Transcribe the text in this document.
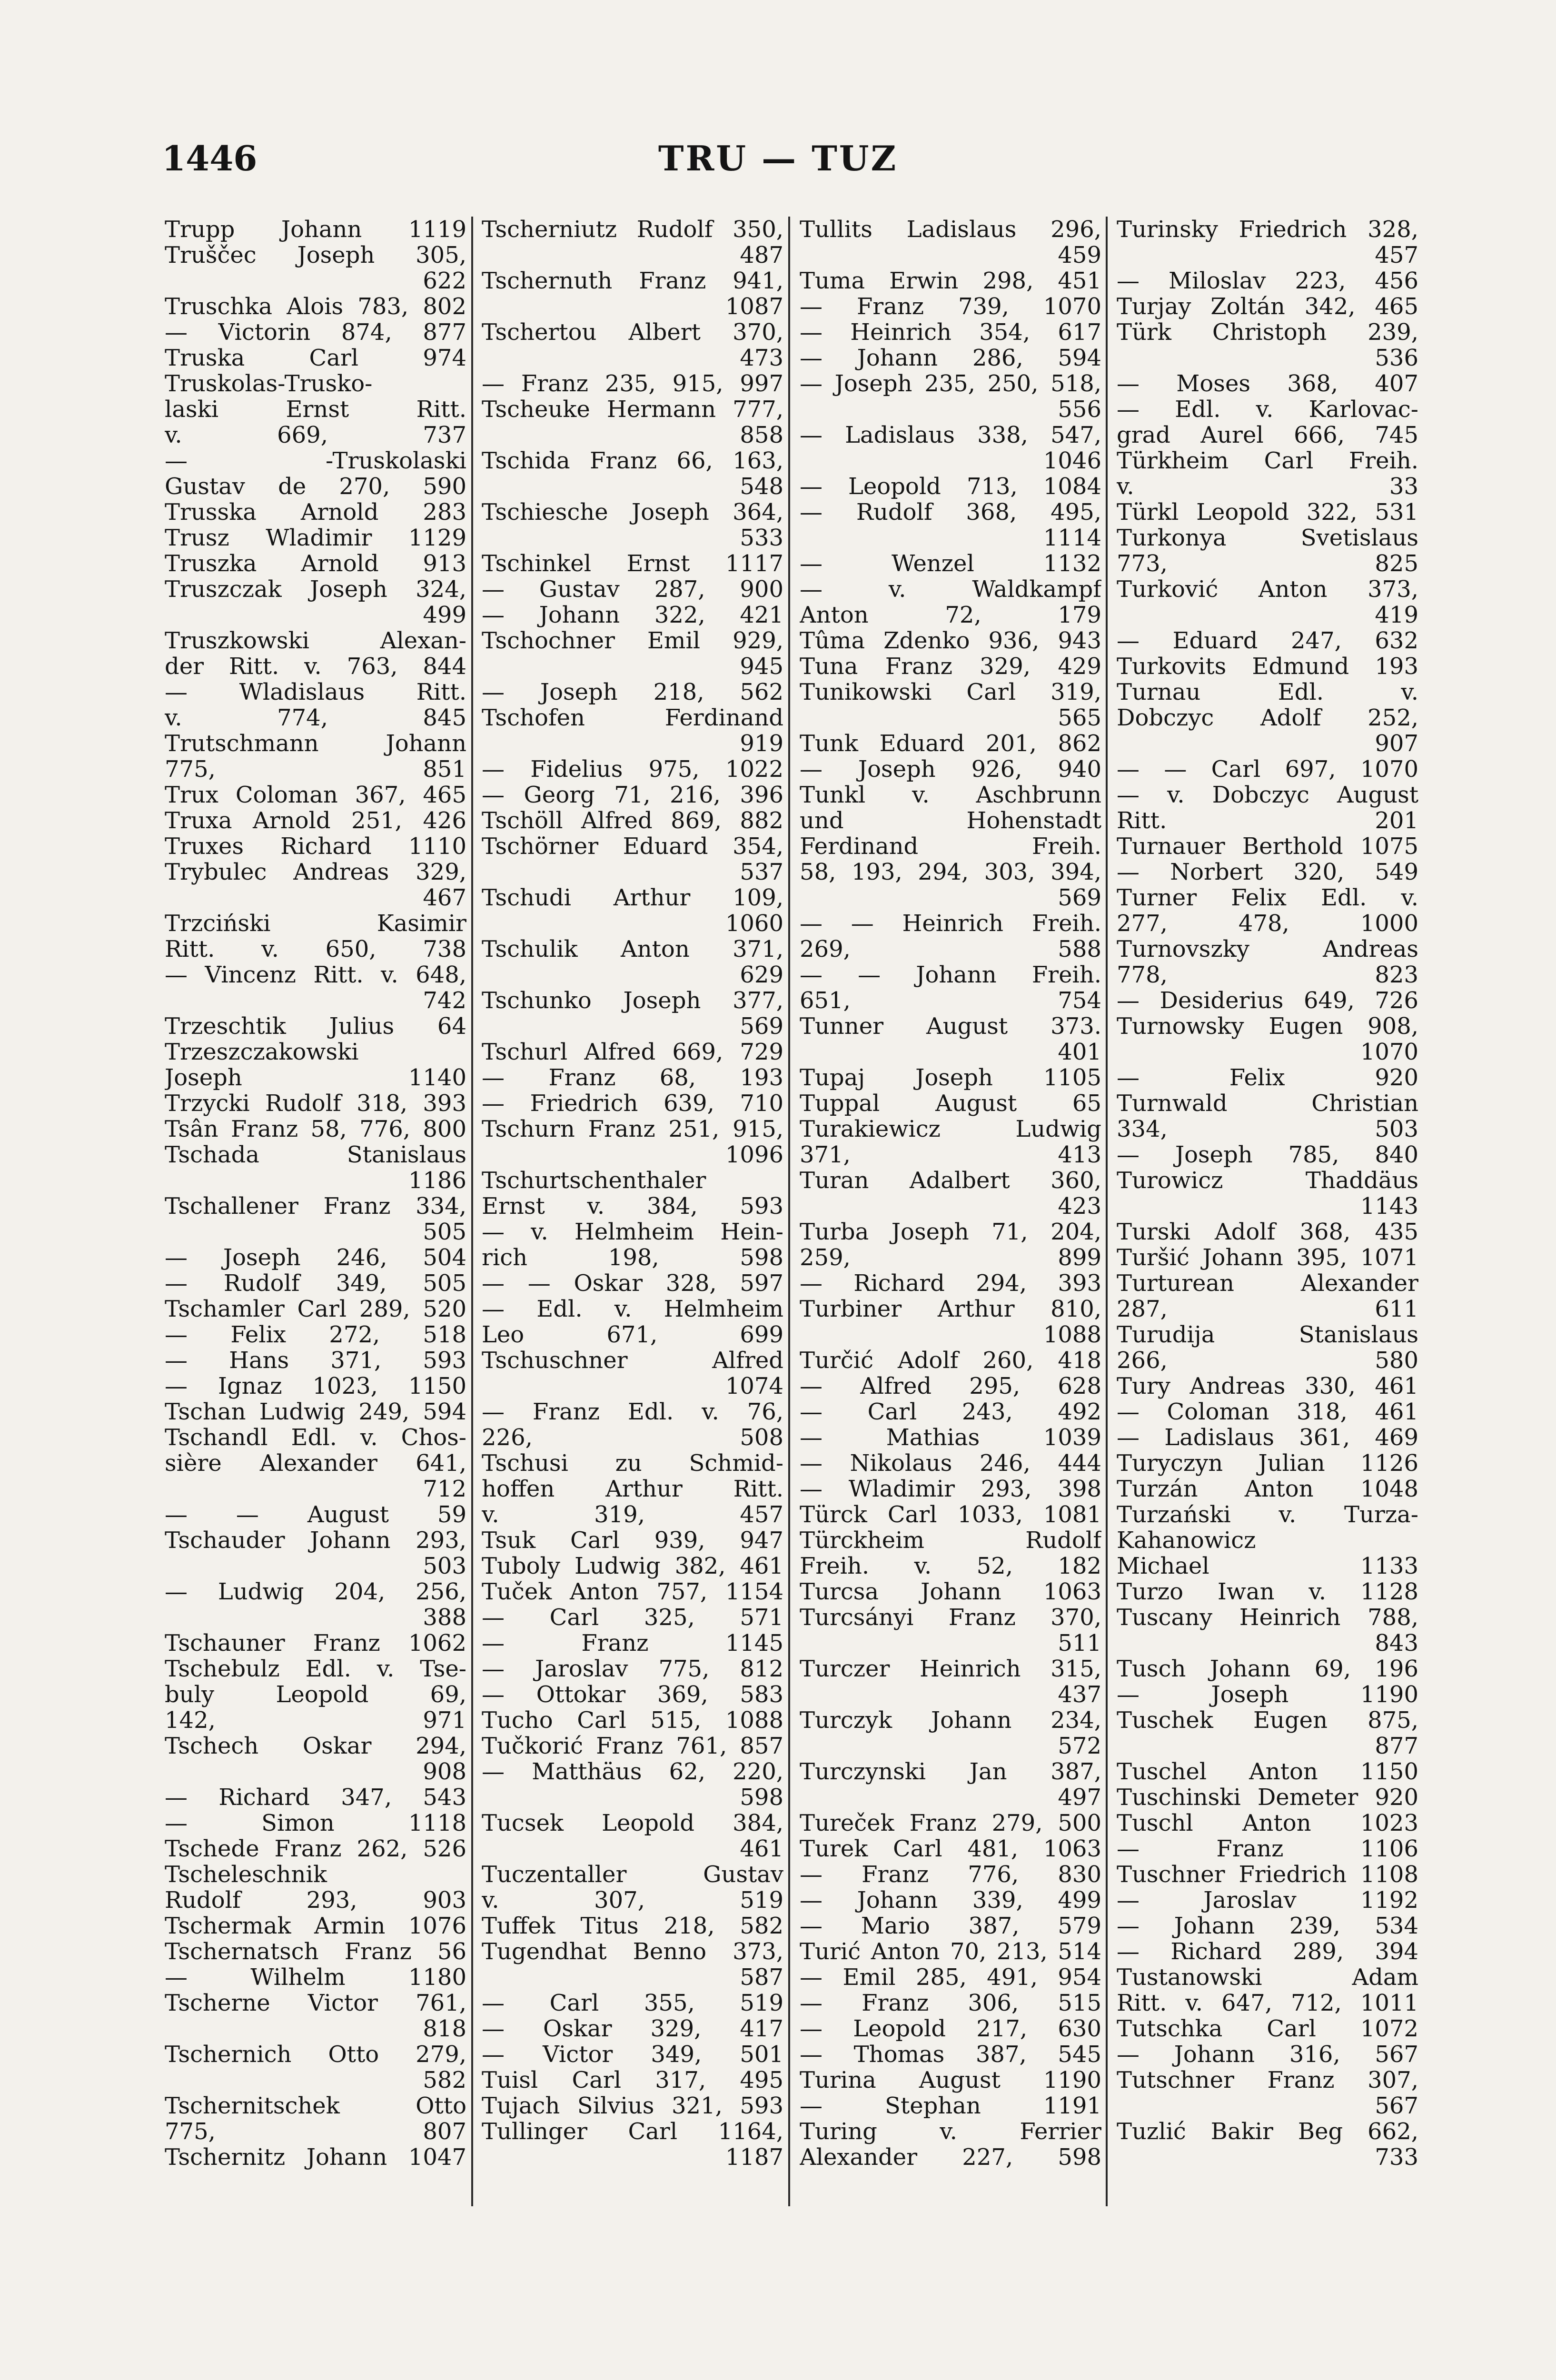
TRU — TUZ
1446

Trupp Johann 1119

Truščec Joseph 305,

622

Truschka Alois 783, 802

— Victorin 874, 877

Truska Carl 974

Truskolas-Trusko-

laski Ernst Ritt.

v. 669, 737

— -Truskolaski

Gustav de 270, 590

Trusska Arnold 283

Trusz Wladimir 1129

Truszka Arnold 913

Truszczak Joseph 324,

499

Truszkowski Alexan-

der Ritt. v. 763, 844

— Wladislaus Ritt.

v. 774, 845

Trutschmann Johann

775, 851

Trux Coloman 367, 465

Truxa Arnold 251, 426

Truxes Richard 1110

Trybulec Andreas 329,

467

Trzciński Kasimir

Ritt. v. 650, 738

— Vincenz Ritt. v. 648,

742

Trzeschtik Julius 64

Trzeszczakowski

Joseph 1140

Trzycki Rudolf 318, 393

Tsân Franz 58, 776, 800

Tschada Stanislaus

1186

Tschallener Franz 334,

505

— Joseph 246, 504

— Rudolf 349, 505

Tschamler Carl 289, 520

— Felix 272, 518

— Hans 371, 593

— Ignaz 1023, 1150

Tschan Ludwig 249, 594

Tschandl Edl. v. Chos-

sière Alexander 641,

712

— — August 59

Tschauder Johann 293,

503

— Ludwig 204, 256,

388

Tschauner Franz 1062

Tschebulz Edl. v. Tse-

buly Leopold 69,

142, 971

Tschech Oskar 294,

908

— Richard 347, 543

— Simon 1118

Tschede Franz 262, 526

Tscheleschnik

Rudolf 293, 903

Tschermak Armin 1076

Tschernatsch Franz 56

— Wilhelm 1180

Tscherne Victor 761,

818

Tschernich Otto 279,

582

Tschernitschek Otto

775, 807

Tschernitz Johann 1047

Tscherniutz Rudolf 350,

487

Tschernuth Franz 941,

1087

Tschertou Albert 370,

473

— Franz 235, 915, 997

Tscheuke Hermann 777,

858

Tschida Franz 66, 163,

548

Tschiesche Joseph 364,

533

Tschinkel Ernst 1117

— Gustav 287, 900

— Johann 322, 421

Tschochner Emil 929,

945

— Joseph 218, 562

Tschofen Ferdinand

919

— Fidelius 975, 1022

— Georg 71, 216, 396

Tschöll Alfred 869, 882

Tschörner Eduard 354,

537

Tschudi Arthur 109,

1060

Tschulik Anton 371,

629

Tschunko Joseph 377,

569

Tschurl Alfred 669, 729

— Franz 68, 193

— Friedrich 639, 710

Tschurn Franz 251, 915,

1096

Tschurtschenthaler

Ernst v. 384, 593

— v. Helmheim Hein-

rich 198, 598

— — Oskar 328, 597

— Edl. v. Helmheim

Leo 671, 699

Tschuschner Alfred

1074

— Franz Edl. v. 76,

226, 508

Tschusi zu Schmid-

hoffen Arthur Ritt.

v. 319, 457

Tsuk Carl 939, 947

Tuboly Ludwig 382, 461

Tuček Anton 757, 1154

— Carl 325, 571

— Franz 1145

— Jaroslav 775, 812

— Ottokar 369, 583

Tucho Carl 515, 1088

Tučkorić Franz 761, 857

— Matthäus 62, 220,

598

Tucsek Leopold 384,

461

Tuczentaller Gustav

v. 307, 519

Tuffek Titus 218, 582

Tugendhat Benno 373,

587

— Carl 355, 519

— Oskar 329, 417

— Victor 349, 501

Tuisl Carl 317, 495

Tujach Silvius 321, 593

Tullinger Carl 1164,

1187

Tullits Ladislaus 296,

459

Tuma Erwin 298, 451

— Franz 739, 1070

— Heinrich 354, 617

— Johann 286, 594

— Joseph 235, 250, 518,

556

— Ladislaus 338, 547,

1046

— Leopold 713, 1084

— Rudolf 368, 495,

1114

— Wenzel 1132

— v. Waldkampf

Anton 72, 179

Tûma Zdenko 936, 943

Tuna Franz 329, 429

Tunikowski Carl 319,

565

Tunk Eduard 201, 862

— Joseph 926, 940

Tunkl v. Aschbrunn

und Hohenstadt

Ferdinand Freih.

58, 193, 294, 303, 394,

569

— — Heinrich Freih.

269, 588

— — Johann Freih.

651, 754

Tunner August 373.

401

Tupaj Joseph 1105

Tuppal August 65

Turakiewicz Ludwig

371, 413

Turan Adalbert 360,

423

Turba Joseph 71, 204,

259, 899

— Richard 294, 393

Turbiner Arthur 810,

1088

Turčić Adolf 260, 418

— Alfred 295, 628

— Carl 243, 492

— Mathias 1039

— Nikolaus 246, 444

— Wladimir 293, 398

Türck Carl 1033, 1081

Türckheim Rudolf

Freih. v. 52, 182

Turcsa Johann 1063

Turcsányi Franz 370,

511

Turczer Heinrich 315,

437

Turczyk Johann 234,

572

Turczynski Jan 387,

497

Tureček Franz 279, 500

Turek Carl 481, 1063

— Franz 776, 830

— Johann 339, 499

— Mario 387, 579

Turić Anton 70, 213, 514

— Emil 285, 491, 954

— Franz 306, 515

— Leopold 217, 630

— Thomas 387, 545

Turina August 1190

— Stephan 1191

Turing v. Ferrier

Alexander 227, 598

Turinsky Friedrich 328,

457

— Miloslav 223, 456

Turjay Zoltán 342, 465

Türk Christoph 239,

536

— Moses 368, 407

— Edl. v. Karlovac-

grad Aurel 666, 745

Türkheim Carl Freih.

v. 33

Türkl Leopold 322, 531

Turkonya Svetislaus

773, 825

Turković Anton 373,

419

— Eduard 247, 632

Turkovits Edmund 193

Turnau Edl. v.

Dobczyc Adolf 252,

907

— — Carl 697, 1070

— v. Dobczyc August

Ritt. 201

Turnauer Berthold 1075

— Norbert 320, 549

Turner Felix Edl. v.

277, 478, 1000

Turnovszky Andreas

778, 823

— Desiderius 649, 726

Turnowsky Eugen 908,

1070

— Felix 920

Turnwald Christian

334, 503

— Joseph 785, 840

Turowicz Thaddäus

1143

Turski Adolf 368, 435

Turšić Johann 395, 1071

Turturean Alexander

287, 611

Turudija Stanislaus

266, 580

Tury Andreas 330, 461

— Coloman 318, 461

— Ladislaus 361, 469

Turyczyn Julian 1126

Turzán Anton 1048

Turzański v. Turza-

Kahanowicz

Michael 1133

Turzo Iwan v. 1128

Tuscany Heinrich 788,

843

Tusch Johann 69, 196

— Joseph 1190

Tuschek Eugen 875,

877

Tuschel Anton 1150

Tuschinski Demeter 920

Tuschl Anton 1023

— Franz 1106

Tuschner Friedrich 1108

— Jaroslav 1192

— Johann 239, 534

— Richard 289, 394

Tustanowski Adam

Ritt. v. 647, 712, 1011

Tutschka Carl 1072

— Johann 316, 567

Tutschner Franz 307,

567

Tuzlić Bakir Beg 662,

733
